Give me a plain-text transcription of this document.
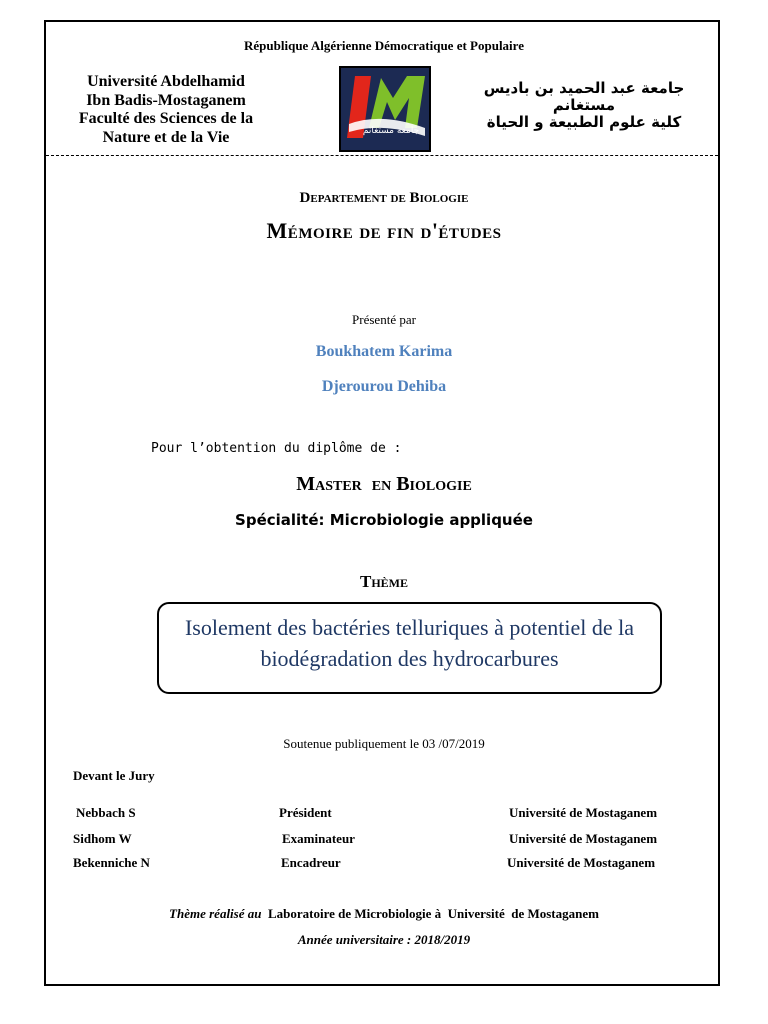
République Algérienne Démocratique et Populaire
Université Abdelhamid
Ibn Badis-Mostaganem
Faculté des Sciences de la
Nature et de la Vie	جامعة مستغانم
جامعة عبد الحميد بن باديس
مستغانم
كلية علوم الطبيعة و الحياة
Departement de Biologie
Mémoire de fin d'études
Présenté par
Boukhatem Karima
Djerourou Dehiba
Pour l’obtention du diplôme de :
Master  en Biologie
Spécialité: Microbiologie appliquée
Thème
Isolement des bactéries telluriques à potentiel de la
biodégradation des hydrocarbures
Soutenue publiquement le 03 /07/2019
Devant le Jury
Nebbach S	Président	Université de Mostaganem
Sidhom W	Examinateur	Université de Mostaganem
Bekenniche N	Encadreur	Université de Mostaganem
Thème réalisé au Laboratoire de Microbiologie à  Université  de Mostaganem
Année universitaire : 2018/2019
